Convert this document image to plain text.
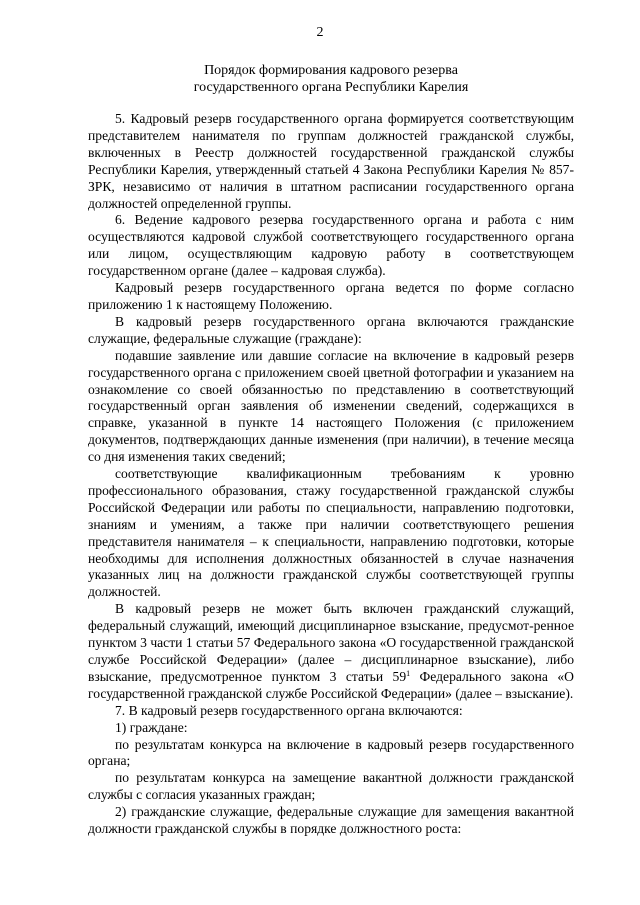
2
Порядок формирования кадрового резерва
государственного органа Республики Карелия

5. Кадровый резерв государственного органа формируется соответствующим представителем нанимателя по группам должностей гражданской службы, включенных в Реестр должностей государственной гражданской службы Республики Карелия, утвержденный статьей 4 Закона Республики Карелия № 857-ЗРК, независимо от наличия в штатном расписании государственного органа должностей определенной группы.

6. Ведение кадрового резерва государственного органа и работа с ним осуществляются кадровой службой соответствующего государственного органа или лицом, осуществляющим кадровую работу в соответствующем государственном органе (далее – кадровая служба).

Кадровый резерв государственного органа ведется по форме согласно приложению 1 к настоящему Положению.

В кадровый резерв государственного органа включаются гражданские служащие, федеральные служащие (граждане):

подавшие заявление или давшие согласие на включение в кадровый резерв государственного органа с приложением своей цветной фотографии и указанием на ознакомление со своей обязанностью по представлению в соответствующий государственный орган заявления об изменении сведений, содержащихся в справке, указанной в пункте 14 настоящего Положения (с приложением документов, подтверждающих данные изменения (при наличии), в течение месяца со дня изменения таких сведений;

соответствующие квалификационным требованиям к уровню профессионального образования, стажу государственной гражданской службы Российской Федерации или работы по специальности, направлению подготовки, знаниям и умениям, а также при наличии соответствующего решения представителя нанимателя – к специальности, направлению подготовки, которые необходимы для исполнения должностных обязанностей в случае назначения указанных лиц на должности гражданской службы соответствующей группы должностей.

В кадровый резерв не может быть включен гражданский служащий, федеральный служащий, имеющий дисциплинарное взыскание, предусмот-ренное пунктом 3 части 1 статьи 57 Федерального закона «О государственной гражданской службе Российской Федерации» (далее – дисциплинарное взыскание), либо взыскание, предусмотренное пунктом 3 статьи $59^1$ Федерального закона «О государственной гражданской службе Российской Федерации» (далее – взыскание).

7. В кадровый резерв государственного органа включаются:

1) граждане:

по результатам конкурса на включение в кадровый резерв государственного органа;

по результатам конкурса на замещение вакантной должности гражданской службы с согласия указанных граждан;

2) гражданские служащие, федеральные служащие для замещения вакантной должности гражданской службы в порядке должностного роста:
